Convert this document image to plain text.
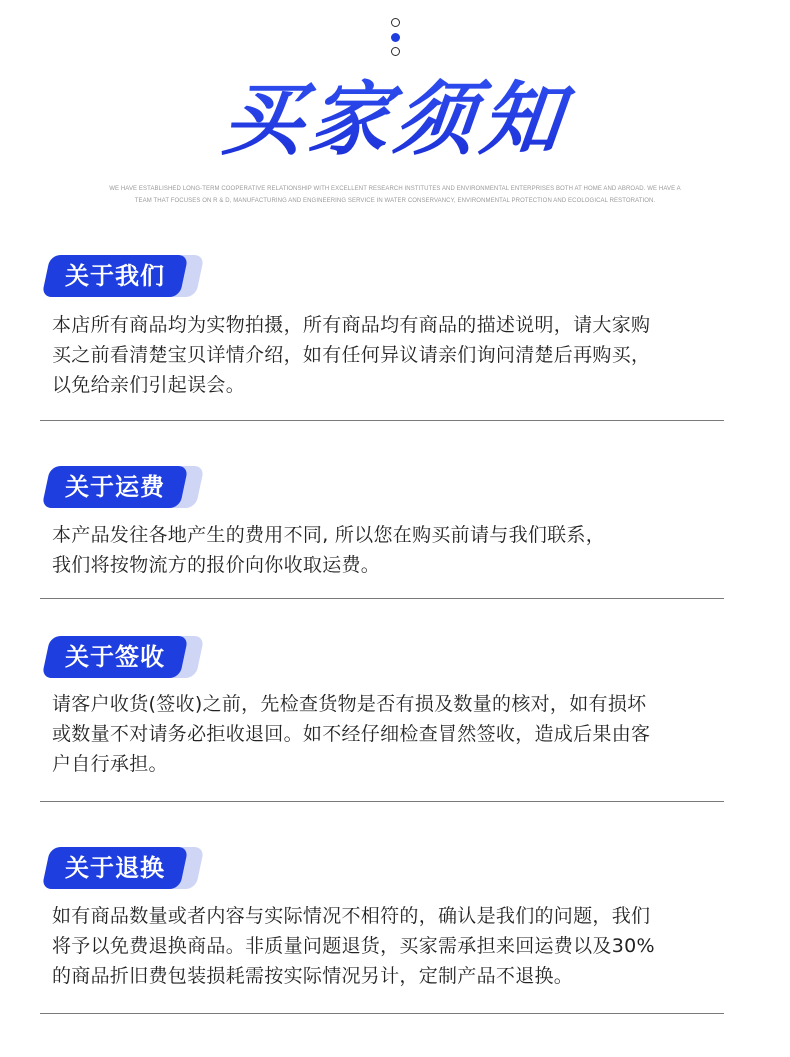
买家须知
WE HAVE ESTABLISHED LONG-TERM COOPERATIVE RELATIONSHIP WITH EXCELLENT RESEARCH INSTITUTES AND ENVIRONMENTAL ENTERPRISES BOTH AT HOME AND ABROAD. WE HAVE A
TEAM THAT FOCUSES ON R & D, MANUFACTURING AND ENGINEERING SERVICE IN WATER CONSERVANCY, ENVIRONMENTAL PROTECTION AND ECOLOGICAL RESTORATION.
关于我们
本店所有商品均为实物拍摄，所有商品均有商品的描述说明，请大家购
买之前看清楚宝贝详情介绍，如有任何异议请亲们询问清楚后再购买，
以免给亲们引起误会。
关于运费
本产品发往各地产生的费用不同, 所以您在购买前请与我们联系，
我们将按物流方的报价向你收取运费。
关于签收
请客户收货(签收)之前，先检查货物是否有损及数量的核对，如有损坏
或数量不对请务必拒收退回。如不经仔细检查冒然签收，造成后果由客
户自行承担。
关于退换
如有商品数量或者内容与实际情况不相符的，确认是我们的问题，我们
将予以免费退换商品。非质量问题退货，买家需承担来回运费以及30%
的商品折旧费包装损耗需按实际情况另计，定制产品不退换。
